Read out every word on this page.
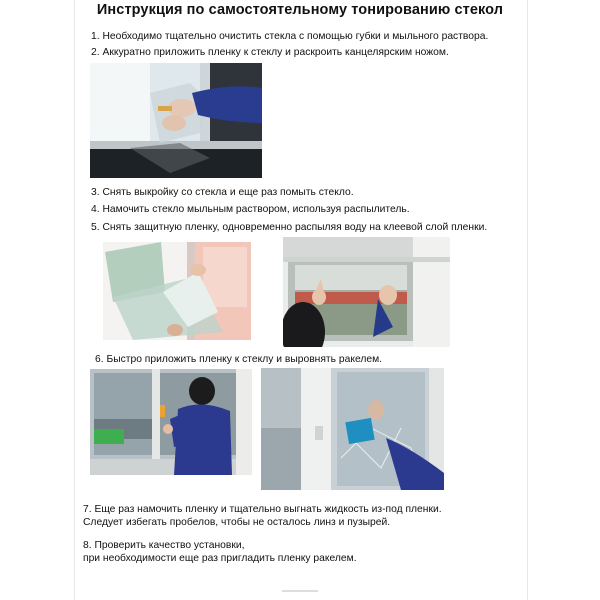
Инструкция по самостоятельному тонированию стекол
1. Необходимо тщательно очистить стекла с помощью губки и мыльного раствора.
2. Аккуратно приложить пленку к стеклу и раскроить канцелярским ножом.
3. Снять выкройку со стекла и еще раз помыть стекло.
4. Намочить стекло мыльным раствором, используя распылитель.
5. Снять защитную пленку, одновременно распыляя воду на клеевой слой пленки.
6. Быстро приложить пленку к стеклу и выровнять ракелем.
7. Еще раз намочить пленку и тщательно выгнать жидкость из-под пленки.
Следует избегать пробелов, чтобы не осталось линз и пузырей.
8. Проверить качество установки,
при необходимости еще раз пригладить пленку ракелем.
